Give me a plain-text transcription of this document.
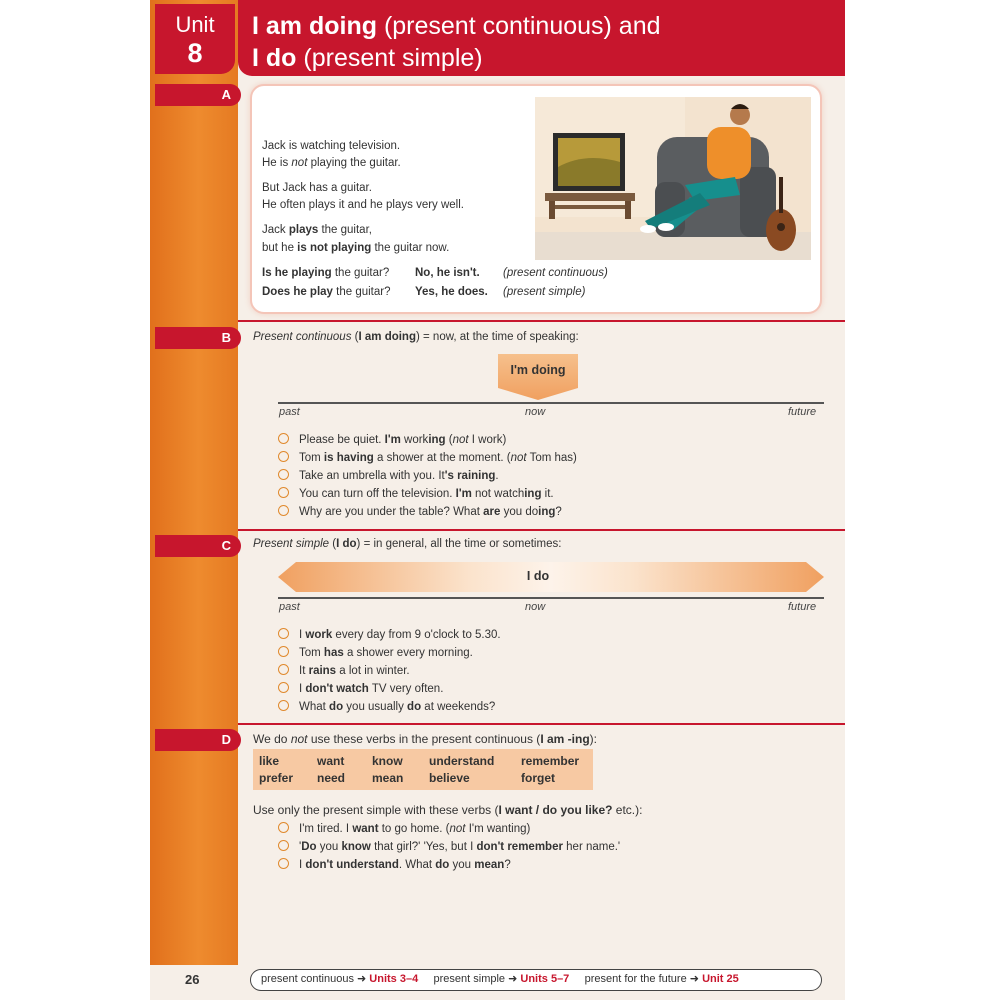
Unit
8
I am doing (present continuous) and
I do (present simple)
A
Jack is watching television.
He is not playing the guitar.
But Jack has a guitar.
He often plays it and he plays very well.
Jack plays the guitar,
but he is not playing the guitar now.
Is he playing the guitar? No, he isn't. (present continuous)
Does he play the guitar? Yes, he does. (present simple)
B	Present continuous (I am doing) = now, at the time of speaking:
I'm doing
past	now	future
Please be quiet. I'm working (not I work)
Tom is having a shower at the moment. (not Tom has)
Take an umbrella with you. It's raining.
You can turn off the television. I'm not watching it.
Why are you under the table? What are you doing?
C	Present simple (I do) = in general, all the time or sometimes:
I do
past	now	future
I work every day from 9 o'clock to 5.30.
Tom has a shower every morning.
It rains a lot in winter.
I don't watch TV very often.
What do you usually do at weekends?
D	We do not use these verbs in the present continuous (I am -ing):
like	want know understand remember
prefer need mean believe	forget
Use only the present simple with these verbs (I want / do you like? etc.):
I'm tired. I want to go home. (not I'm wanting)
'Do you know that girl?' 'Yes, but I don't remember her name.'
I don't understand. What do you mean?
26	present continuous ➜ Units 3–4 present simple ➜ Units 5–7 present for the future ➜ Unit 25
